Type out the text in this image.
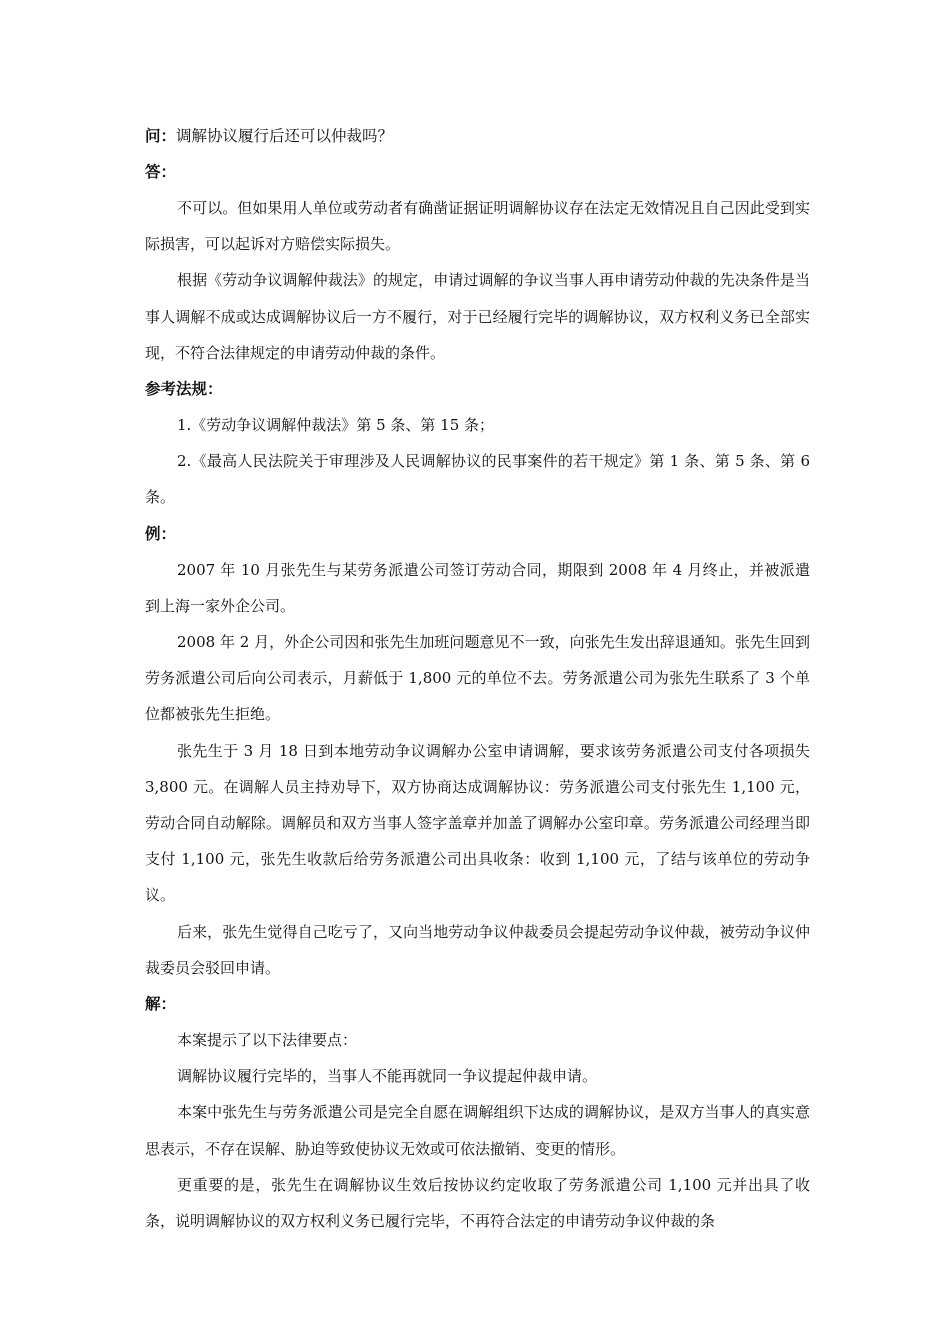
问：调解协议履行后还可以仲裁吗？
答：

不可以。但如果用人单位或劳动者有确凿证据证明调解协议存在法定无效情况且自己因此受到实际损害，可以起诉对方赔偿实际损失。

根据《劳动争议调解仲裁法》的规定，申请过调解的争议当事人再申请劳动仲裁的先决条件是当事人调解不成或达成调解协议后一方不履行，对于已经履行完毕的调解协议，双方权利义务已全部实现，不符合法律规定的申请劳动仲裁的条件。

参考法规：

1.《劳动争议调解仲裁法》第 5 条、第 15 条；

2.《最高人民法院关于审理涉及人民调解协议的民事案件的若干规定》第 1 条、第 5 条、第 6 条。

例：

2007 年 10 月张先生与某劳务派遣公司签订劳动合同，期限到 2008 年 4 月终止，并被派遣到上海一家外企公司。

2008 年 2 月，外企公司因和张先生加班问题意见不一致，向张先生发出辞退通知。张先生回到劳务派遣公司后向公司表示，月薪低于 1,800 元的单位不去。劳务派遣公司为张先生联系了 3 个单位都被张先生拒绝。

张先生于 3 月 18 日到本地劳动争议调解办公室申请调解，要求该劳务派遣公司支付各项损失 3,800 元。在调解人员主持劝导下，双方协商达成调解协议：劳务派遣公司支付张先生 1,100 元，劳动合同自动解除。调解员和双方当事人签字盖章并加盖了调解办公室印章。劳务派遣公司经理当即支付 1,100 元，张先生收款后给劳务派遣公司出具收条：收到 1,100 元，了结与该单位的劳动争议。

后来，张先生觉得自己吃亏了，又向当地劳动争议仲裁委员会提起劳动争议仲裁，被劳动争议仲裁委员会驳回申请。

解：

本案提示了以下法律要点：

调解协议履行完毕的，当事人不能再就同一争议提起仲裁申请。

本案中张先生与劳务派遣公司是完全自愿在调解组织下达成的调解协议，是双方当事人的真实意思表示，不存在误解、胁迫等致使协议无效或可依法撤销、变更的情形。

更重要的是，张先生在调解协议生效后按协议约定收取了劳务派遣公司 1,100 元并出具了收条，说明调解协议的双方权利义务已履行完毕，不再符合法定的申请劳动争议仲裁的条
